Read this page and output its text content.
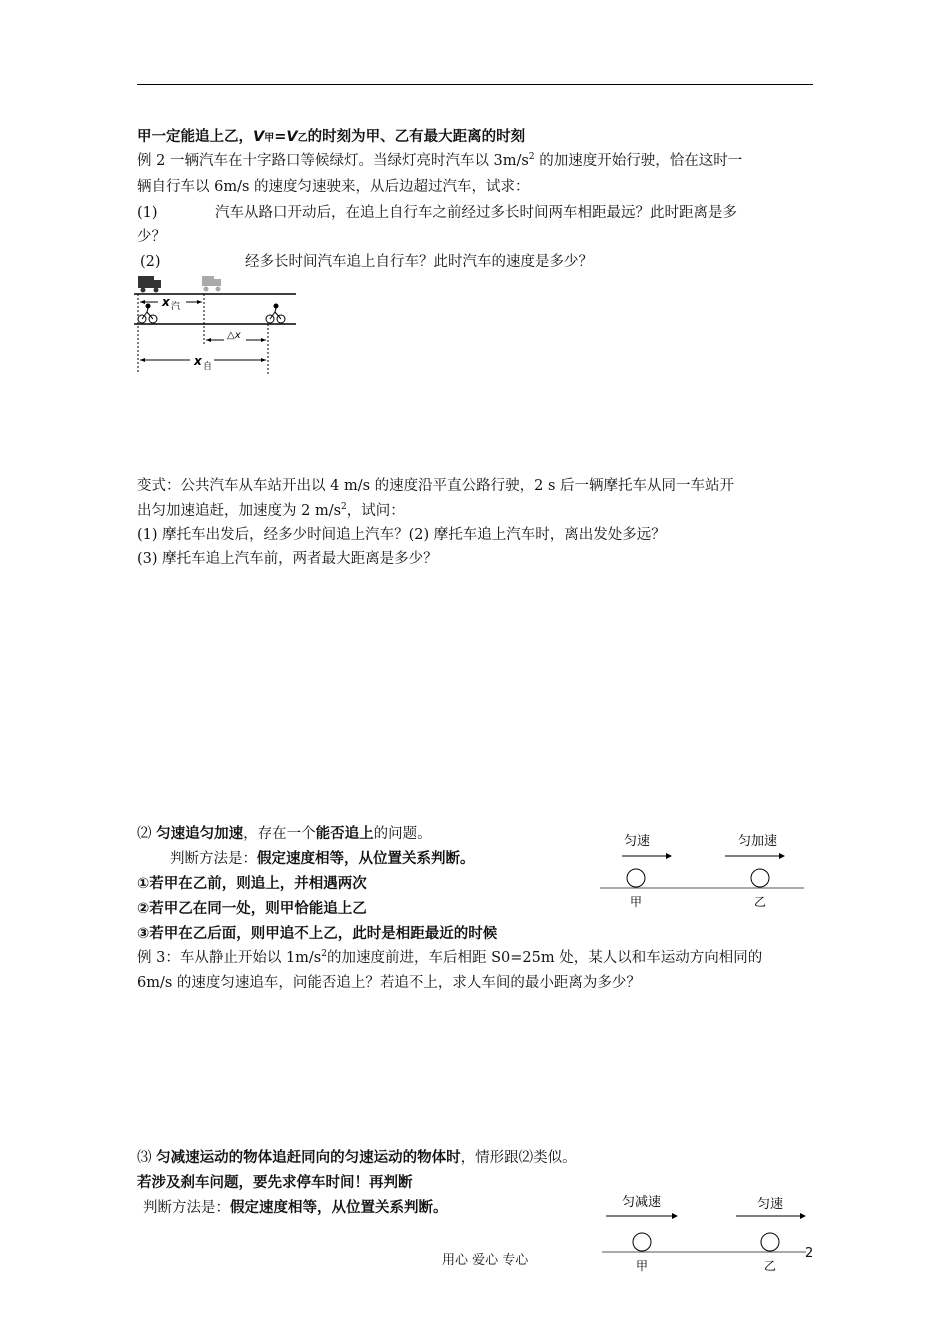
甲一定能追上乙，V甲=V乙的时刻为甲、乙有最大距离的时刻
例 2 一辆汽车在十字路口等候绿灯。当绿灯亮时汽车以 $3m/s^2$ 的加速度开始行驶，恰在这时一
辆自行车以 6m/s 的速度匀速驶来，从后边超过汽车，试求：
(1)	汽车从路口开动后，在追上自行车之前经过多长时间两车相距最远？此时距离是多
少？
(2)	经多长时间汽车追上自行车？此时汽车的速度是多少？
x 汽
△x
x 自
变式：公共汽车从车站开出以 4 m/s 的速度沿平直公路行驶，2 s 后一辆摩托车从同一车站开
出匀加速追赶，加速度为 2 $m/s^2$，试问：
(1) 摩托车出发后，经多少时间追上汽车？(2) 摩托车追上汽车时，离出发处多远？
(3) 摩托车追上汽车前，两者最大距离是多少？
⑵ 匀速追匀加速，存在一个能否追上的问题。
判断方法是：假定速度相等，从位置关系判断。
①若甲在乙前，则追上，并相遇两次
②若甲乙在同一处，则甲恰能追上乙
③若甲在乙后面，则甲追不上乙，此时是相距最近的时候
匀速	匀加速
甲	乙
例 3：车从静止开始以 $1m/s^2$的加速度前进，车后相距 S0=25m 处，某人以和车运动方向相同的
6m/s 的速度匀速追车，问能否追上？若追不上，求人车间的最小距离为多少？
⑶ 匀减速运动的物体追赶同向的匀速运动的物体时，情形跟⑵类似。
若涉及刹车问题，要先求停车时间！再判断
判断方法是：假定速度相等，从位置关系判断。	匀减速	匀速
甲	乙
用心 爱心 专心	2
